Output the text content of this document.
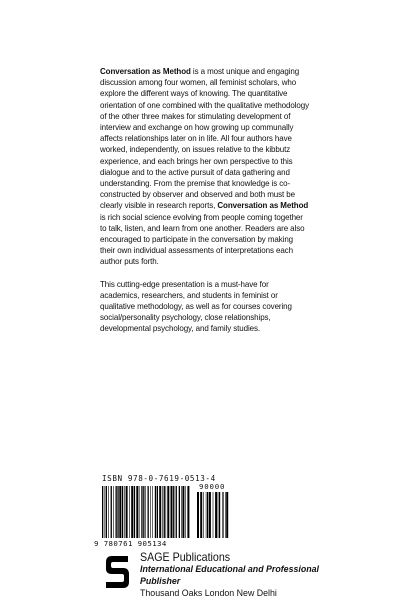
Conversation as Method is a most unique and engaging discussion among four women, all feminist scholars, who explore the different ways of knowing. The quantitative orientation of one combined with the qualitative methodology of the other three makes for stimulating development of interview and exchange on how growing up communally affects relationships later on in life. All four authors have worked, independently, on issues relative to the kibbutz experience, and each brings her own perspective to this dialogue and to the active pursuit of data gathering and understanding. From the premise that knowledge is co-constructed by observer and observed and both must be clearly visible in research reports, Conversation as Method is rich social science evolving from people coming together to talk, listen, and learn from one another. Readers are also encouraged to participate in the conversation by making their own individual assessments of interpretations each author puts forth.

This cutting-edge presentation is a must-have for academics, researchers, and students in feminist or qualitative methodology, as well as for courses covering social/personality psychology, close relationships, developmental psychology, and family studies.

ISBN 978-0-7619-0513-4
90000
9 780761 905134
SAGE Publications
International Educational and Professional Publisher
Thousand Oaks London New Delhi
